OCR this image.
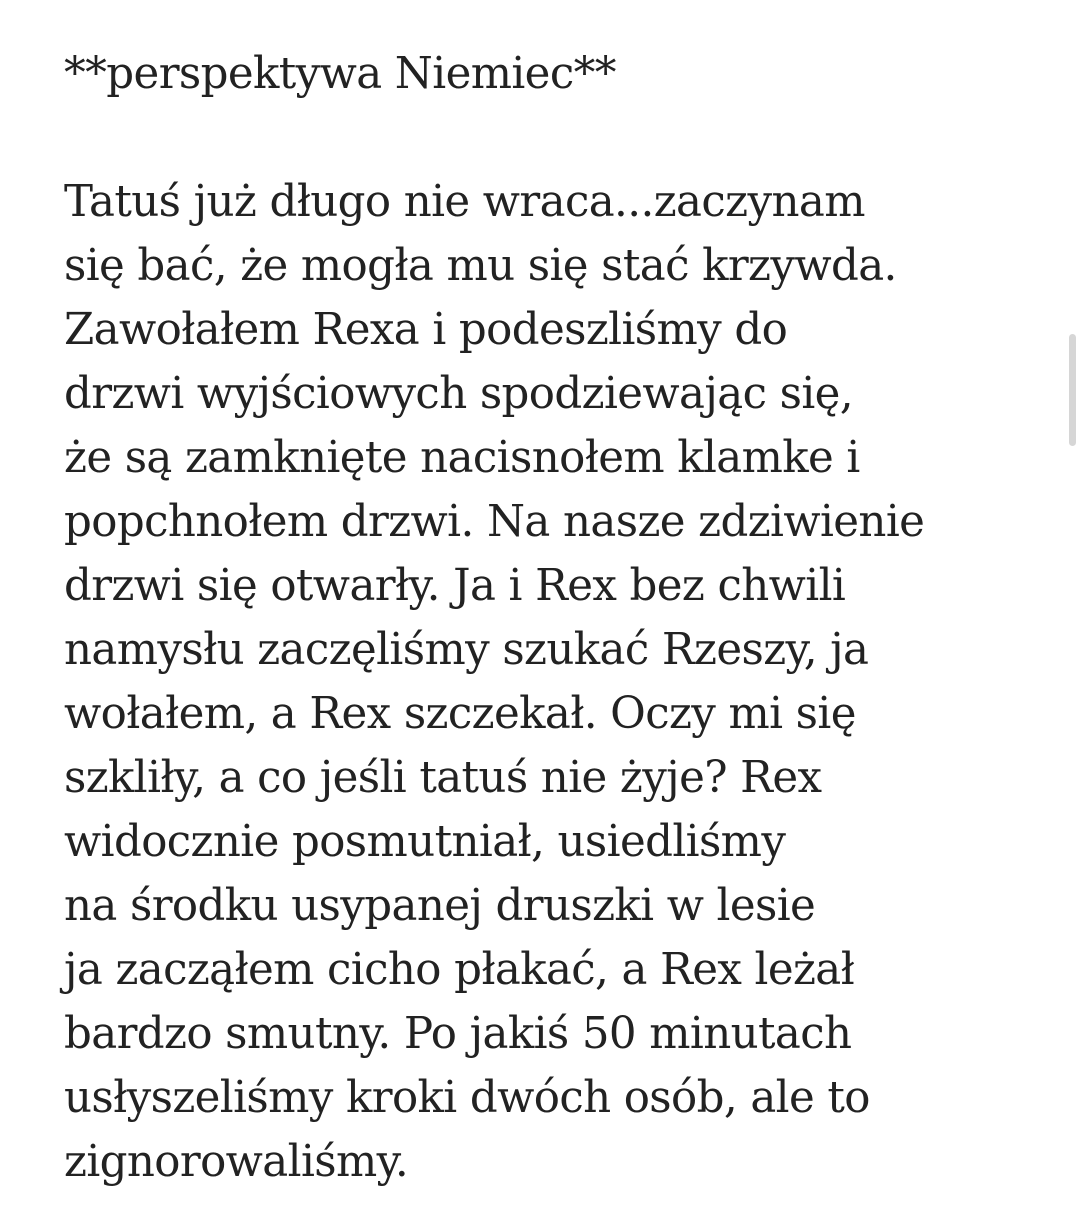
**perspektywa Niemiec**
Tatuś już długo nie wraca...zaczynam
się bać, że mogła mu się stać krzywda.
Zawołałem Rexa i podeszliśmy do
drzwi wyjściowych spodziewając się,
że są zamknięte nacisnołem klamke i
popchnołem drzwi. Na nasze zdziwienie
drzwi się otwarły. Ja i Rex bez chwili
namysłu zaczęliśmy szukać Rzeszy, ja
wołałem, a Rex szczekał. Oczy mi się
szkliły, a co jeśli tatuś nie żyje? Rex
widocznie posmutniał, usiedliśmy
na środku usypanej druszki w lesie
ja zacząłem cicho płakać, a Rex leżał
bardzo smutny. Po jakiś 50 minutach
usłyszeliśmy kroki dwóch osób, ale to
zignorowaliśmy.
